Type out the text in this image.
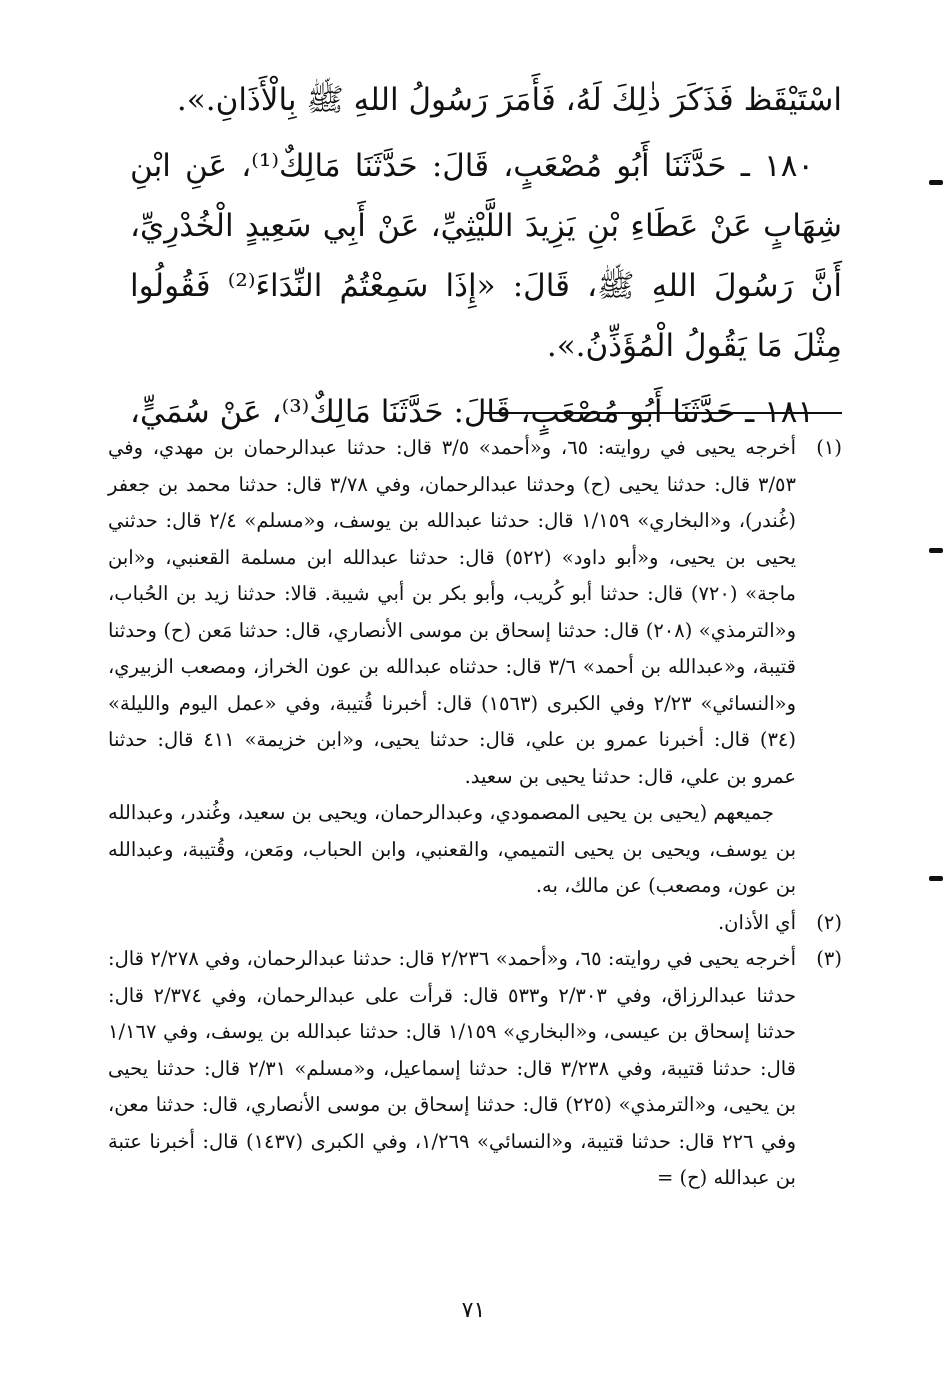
اسْتَيْقَظ فَذَكَرَ ذٰلِكَ لَهُ، فَأَمَرَ رَسُولُ اللهِ ﷺ بِالْأَذَانِ.».

١٨٠ ـ حَدَّثَنَا أَبُو مُصْعَبٍ، قَالَ: حَدَّثَنَا مَالِكٌ⁽¹⁾، عَنِ ابْنِ شِهَابٍ عَنْ عَطَاءِ بْنِ يَزِيدَ اللَّيْثِيِّ، عَنْ أَبِي سَعِيدٍ الْخُدْرِيِّ، أَنَّ رَسُولَ اللهِ ﷺ، قَالَ: «إِذَا سَمِعْتُمُ النِّدَاءَ⁽²⁾ فَقُولُوا مِثْلَ مَا يَقُولُ الْمُؤَذِّنُ.».

١٨١ ـ حَدَّثَنَا أَبُو مُصْعَبٍ، قَالَ: حَدَّثَنَا مَالِكٌ⁽³⁾، عَنْ سُمَيٍّ،

(١)

أخرجه يحيى في روايته: ٦٥، و«أحمد» ٣/٥ قال: حدثنا عبدالرحمان بن مهدي، وفي ٣/٥٣ قال: حدثنا يحيى (ح) وحدثنا عبدالرحمان، وفي ٣/٧٨ قال: حدثنا محمد بن جعفر (غُندر)، و«البخاري» ١/١٥٩ قال: حدثنا عبدالله بن يوسف، و«مسلم» ٢/٤ قال: حدثني يحيى بن يحيى، و«أبو داود» (٥٢٢) قال: حدثنا عبدالله ابن مسلمة القعنبي، و«ابن ماجة» (٧٢٠) قال: حدثنا أبو كُريب، وأبو بكر بن أبي شيبة. قالا: حدثنا زيد بن الحُباب، و«الترمذي» (٢٠٨) قال: حدثنا إسحاق بن موسى الأنصاري، قال: حدثنا مَعن (ح) وحدثنا قتيبة، و«عبدالله بن أحمد» ٣/٦ قال: حدثناه عبدالله بن عون الخراز، ومصعب الزبيري، و«النسائي» ٢/٢٣ وفي الكبرى (١٥٦٣) قال: أخبرنا قُتيبة، وفي «عمل اليوم والليلة» (٣٤) قال: أخبرنا عمرو بن علي، قال: حدثنا يحيى، و«ابن خزيمة» ٤١١ قال: حدثنا عمرو بن علي، قال: حدثنا يحيى بن سعيد.

جميعهم (يحيى بن يحيى المصمودي، وعبدالرحمان، ويحيى بن سعيد، وغُندر، وعبدالله بن يوسف، ويحيى بن يحيى التميمي، والقعنبي، وابن الحباب، ومَعن، وقُتيبة، وعبدالله بن عون، ومصعب) عن مالك، به.

(٢)

أي الأذان.

(٣)

أخرجه يحيى في روايته: ٦٥، و«أحمد» ٢/٢٣٦ قال: حدثنا عبدالرحمان، وفي ٢/٢٧٨ قال: حدثنا عبدالرزاق، وفي ٢/٣٠٣ و٥٣٣ قال: قرأت على عبدالرحمان، وفي ٢/٣٧٤ قال: حدثنا إسحاق بن عيسى، و«البخاري» ١/١٥٩ قال: حدثنا عبدالله بن يوسف، وفي ١/١٦٧ قال: حدثنا قتيبة، وفي ٣/٢٣٨ قال: حدثنا إسماعيل، و«مسلم» ٢/٣١ قال: حدثنا يحيى بن يحيى، و«الترمذي» (٢٢٥) قال: حدثنا إسحاق بن موسى الأنصاري، قال: حدثنا معن، وفي ٢٢٦ قال: حدثنا قتيبة، و«النسائي» ١/٢٦٩، وفي الكبرى (١٤٣٧) قال: أخبرنا عتبة بن عبدالله (ح) =

٧١
